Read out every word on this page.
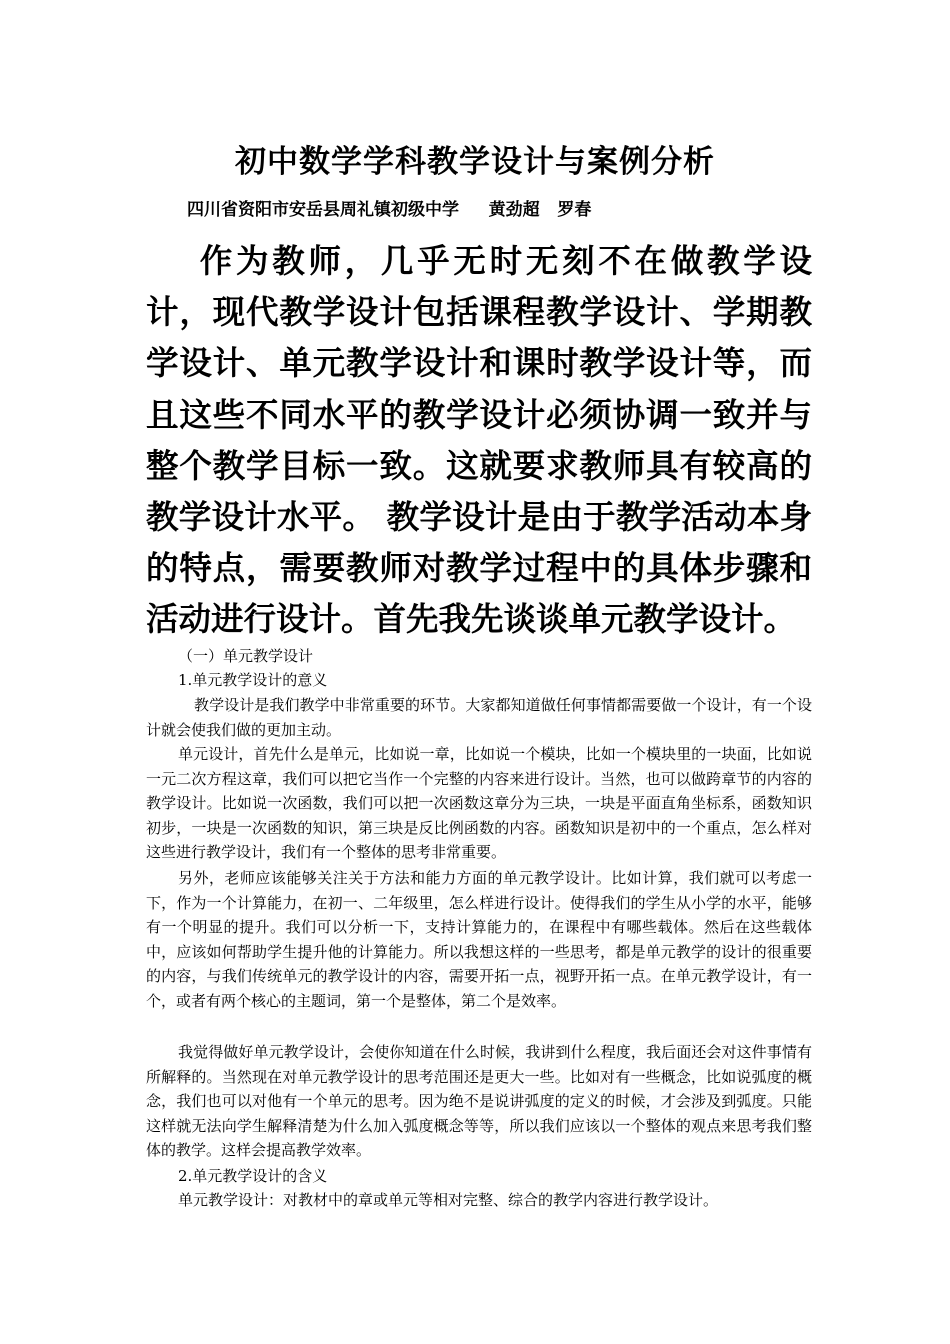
初中数学学科教学设计与案例分析
四川省资阳市安岳县周礼镇初级中学     黄劲超   罗春
作为教师，几乎无时无刻不在做教学设计，现代教学设计包括课程教学设计、学期教学设计、单元教学设计和课时教学设计等，而且这些不同水平的教学设计必须协调一致并与整个教学目标一致。这就要求教师具有较高的教学设计水平。 教学设计是由于教学活动本身的特点，需要教师对教学过程中的具体步骤和活动进行设计。首先我先谈谈单元教学设计。
（一）单元教学设计
1.单元教学设计的意义
教学设计是我们教学中非常重要的环节。大家都知道做任何事情都需要做一个设计，有一个设计就会使我们做的更加主动。
单元设计，首先什么是单元，比如说一章，比如说一个模块，比如一个模块里的一块面，比如说一元二次方程这章，我们可以把它当作一个完整的内容来进行设计。当然，也可以做跨章节的内容的教学设计。比如说一次函数，我们可以把一次函数这章分为三块，一块是平面直角坐标系，函数知识初步，一块是一次函数的知识，第三块是反比例函数的内容。函数知识是初中的一个重点，怎么样对这些进行教学设计，我们有一个整体的思考非常重要。
另外，老师应该能够关注关于方法和能力方面的单元教学设计。比如计算，我们就可以考虑一下，作为一个计算能力，在初一、二年级里，怎么样进行设计。使得我们的学生从小学的水平，能够有一个明显的提升。我们可以分析一下，支持计算能力的，在课程中有哪些载体。然后在这些载体中，应该如何帮助学生提升他的计算能力。所以我想这样的一些思考，都是单元教学的设计的很重要的内容，与我们传统单元的教学设计的内容，需要开拓一点，视野开拓一点。在单元教学设计，有一个，或者有两个核心的主题词，第一个是整体，第二个是效率。
我觉得做好单元教学设计，会使你知道在什么时候，我讲到什么程度，我后面还会对这件事情有所解释的。当然现在对单元教学设计的思考范围还是更大一些。比如对有一些概念，比如说弧度的概念，我们也可以对他有一个单元的思考。因为绝不是说讲弧度的定义的时候，才会涉及到弧度。只能这样就无法向学生解释清楚为什么加入弧度概念等等，所以我们应该以一个整体的观点来思考我们整体的教学。这样会提高教学效率。
2.单元教学设计的含义
单元教学设计：对教材中的章或单元等相对完整、综合的教学内容进行教学设计。
